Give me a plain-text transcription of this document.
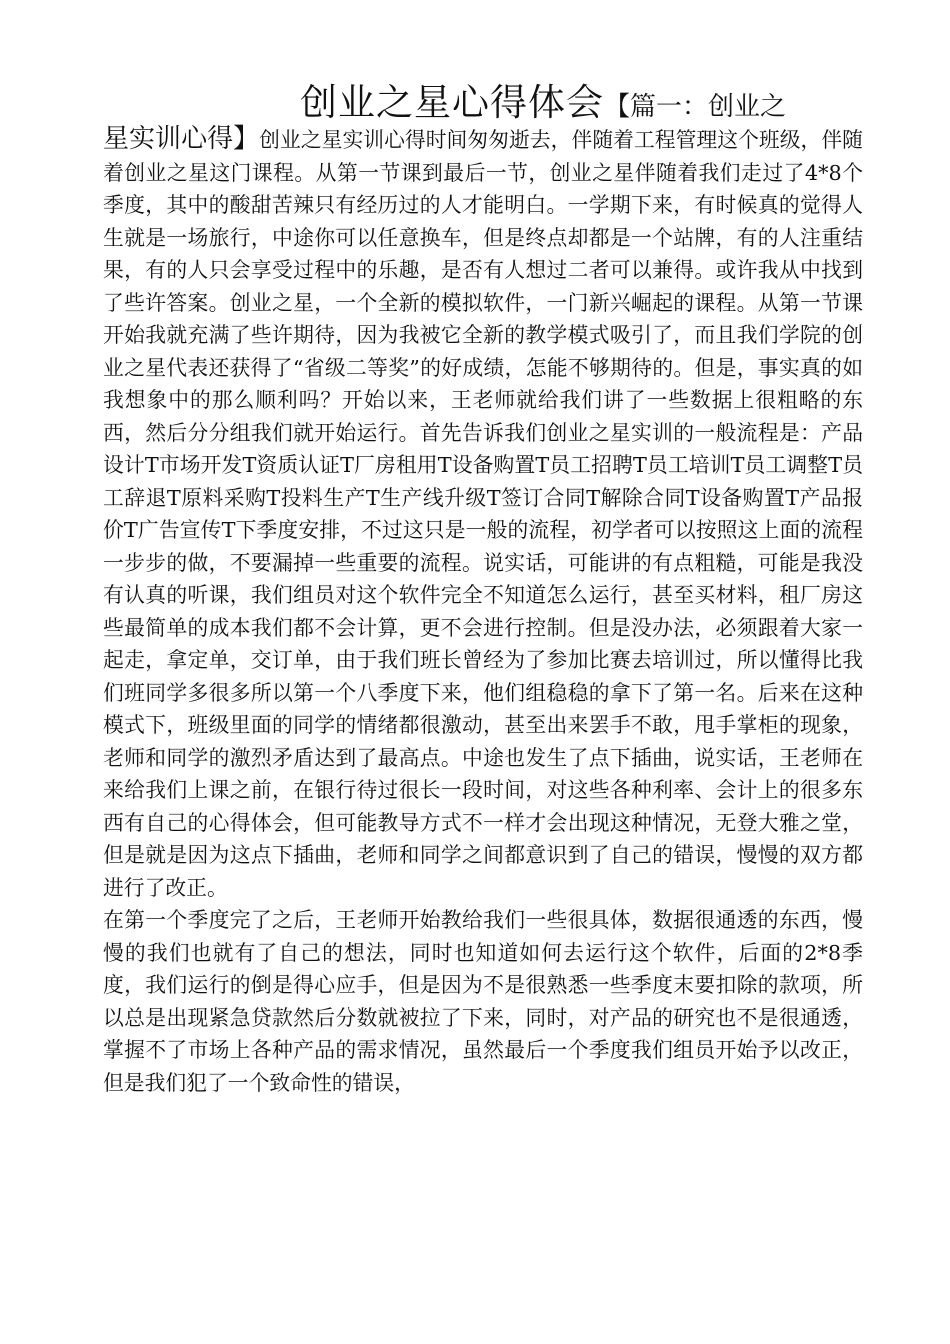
创业之星心得体会【篇一：创业之
星实训心得】创业之星实训心得时间匆匆逝去，伴随着工程管理这个班级，伴随着创业之星这门课程。从第一节课到最后一节，创业之星伴随着我们走过了4*8个季度，其中的酸甜苦辣只有经历过的人才能明白。一学期下来，有时候真的觉得人生就是一场旅行，中途你可以任意换车，但是终点却都是一个站牌，有的人注重结果，有的人只会享受过程中的乐趣，是否有人想过二者可以兼得。或许我从中找到了些许答案。创业之星，一个全新的模拟软件，一门新兴崛起的课程。从第一节课开始我就充满了些许期待，因为我被它全新的教学模式吸引了，而且我们学院的创业之星代表还获得了“省级二等奖”的好成绩，怎能不够期待的。但是，事实真的如我想象中的那么顺利吗？开始以来，王老师就给我们讲了一些数据上很粗略的东西，然后分分组我们就开始运行。首先告诉我们创业之星实训的一般流程是：产品设计T市场开发T资质认证T厂房租用T设备购置T员工招聘T员工培训T员工调整T员工辞退T原料采购T投料生产T生产线升级T签订合同T解除合同T设备购置T产品报价T广告宣传T下季度安排，不过这只是一般的流程，初学者可以按照这上面的流程一步步的做，不要漏掉一些重要的流程。说实话，可能讲的有点粗糙，可能是我没有认真的听课，我们组员对这个软件完全不知道怎么运行，甚至买材料，租厂房这些最简单的成本我们都不会计算，更不会进行控制。但是没办法，必须跟着大家一起走，拿定单，交订单，由于我们班长曾经为了参加比赛去培训过，所以懂得比我们班同学多很多所以第一个八季度下来，他们组稳稳的拿下了第一名。后来在这种模式下，班级里面的同学的情绪都很激动，甚至出来罢手不敢，甩手掌柜的现象，老师和同学的激烈矛盾达到了最高点。中途也发生了点下插曲，说实话，王老师在来给我们上课之前，在银行待过很长一段时间，对这些各种利率、会计上的很多东西有自己的心得体会，但可能教导方式不一样才会出现这种情况，无登大雅之堂，但是就是因为这点下插曲，老师和同学之间都意识到了自己的错误，慢慢的双方都进行了改正。

在第一个季度完了之后，王老师开始教给我们一些很具体，数据很通透的东西，慢慢的我们也就有了自己的想法，同时也知道如何去运行这个软件，后面的2*8季度，我们运行的倒是得心应手，但是因为不是很熟悉一些季度末要扣除的款项，所以总是出现紧急贷款然后分数就被拉了下来，同时，对产品的研究也不是很通透，掌握不了市场上各种产品的需求情况，虽然最后一个季度我们组员开始予以改正，但是我们犯了一个致命性的错误，
